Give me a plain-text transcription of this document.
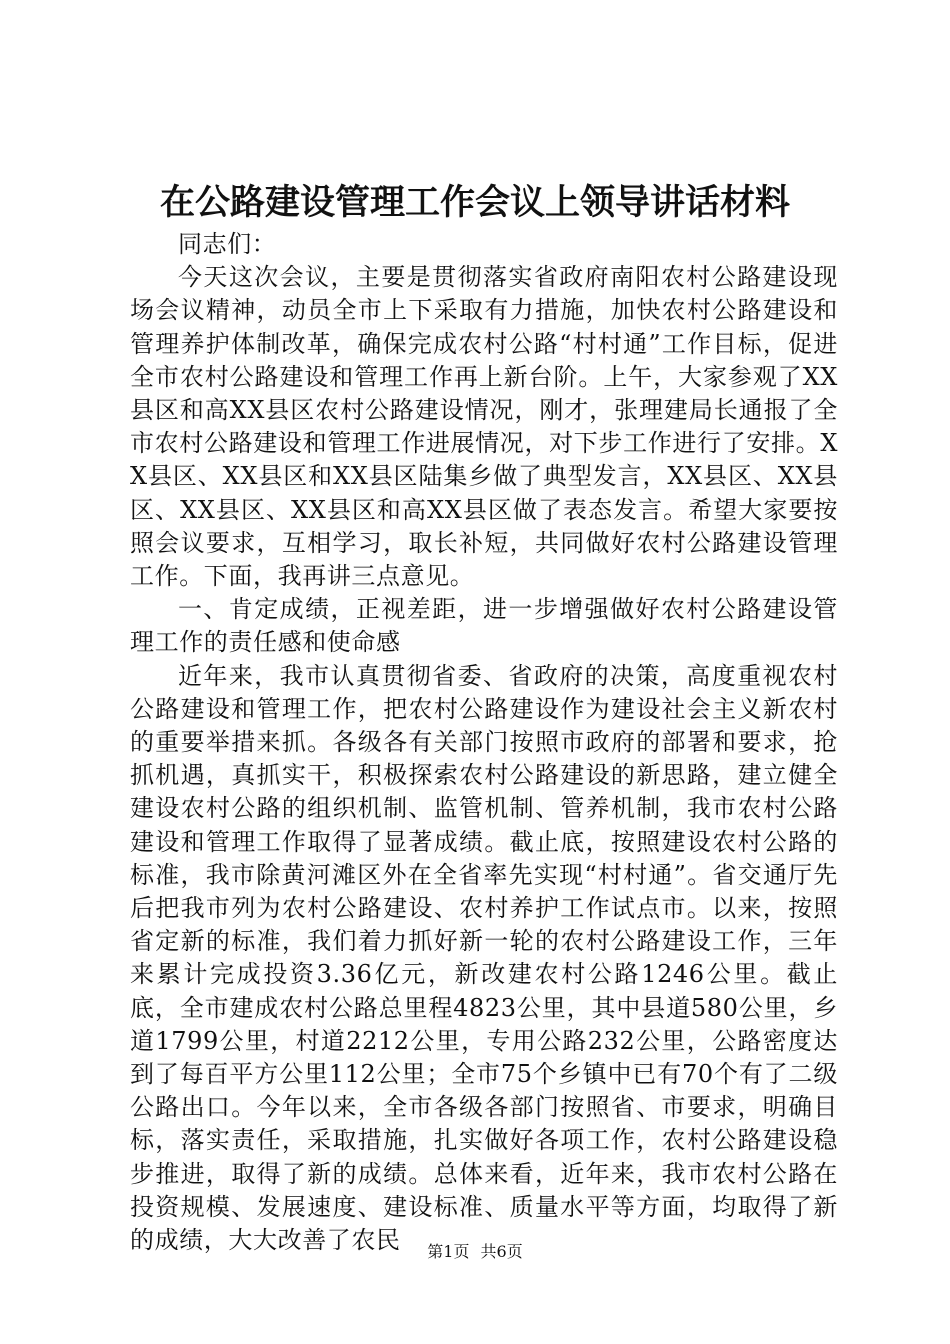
在公路建设管理工作会议上领导讲话材料

同志们：

今天这次会议，主要是贯彻落实省政府南阳农村公路建设现场会议精神，动员全市上下采取有力措施，加快农村公路建设和管理养护体制改革，确保完成农村公路“村村通”工作目标，促进全市农村公路建设和管理工作再上新台阶。上午，大家参观了XX县区和高XX县区农村公路建设情况，刚才，张理建局长通报了全市农村公路建设和管理工作进展情况，对下步工作进行了安排。XX县区、XX县区和XX县区陆集乡做了典型发言，XX县区、XX县区、XX县区、XX县区和高XX县区做了表态发言。希望大家要按照会议要求，互相学习，取长补短，共同做好农村公路建设管理工作。下面，我再讲三点意见。

一、肯定成绩，正视差距，进一步增强做好农村公路建设管理工作的责任感和使命感

近年来，我市认真贯彻省委、省政府的决策，高度重视农村公路建设和管理工作，把农村公路建设作为建设社会主义新农村的重要举措来抓。各级各有关部门按照市政府的部署和要求，抢抓机遇，真抓实干，积极探索农村公路建设的新思路，建立健全建设农村公路的组织机制、监管机制、管养机制，我市农村公路建设和管理工作取得了显著成绩。截止底，按照建设农村公路的标准，我市除黄河滩区外在全省率先实现“村村通”。省交通厅先后把我市列为农村公路建设、农村养护工作试点市。以来，按照省定新的标准，我们着力抓好新一轮的农村公路建设工作，三年来累计完成投资3.36亿元，新改建农村公路1246公里。截止底，全市建成农村公路总里程4823公里，其中县道580公里，乡道1799公里，村道2212公里，专用公路232公里，公路密度达到了每百平方公里112公里；全市75个乡镇中已有70个有了二级公路出口。今年以来，全市各级各部门按照省、市要求，明确目标，落实责任，采取措施，扎实做好各项工作，农村公路建设稳步推进，取得了新的成绩。总体来看，近年来，我市农村公路在投资规模、发展速度、建设标准、质量水平等方面，均取得了新的成绩，大大改善了农民	第1页 共6页
